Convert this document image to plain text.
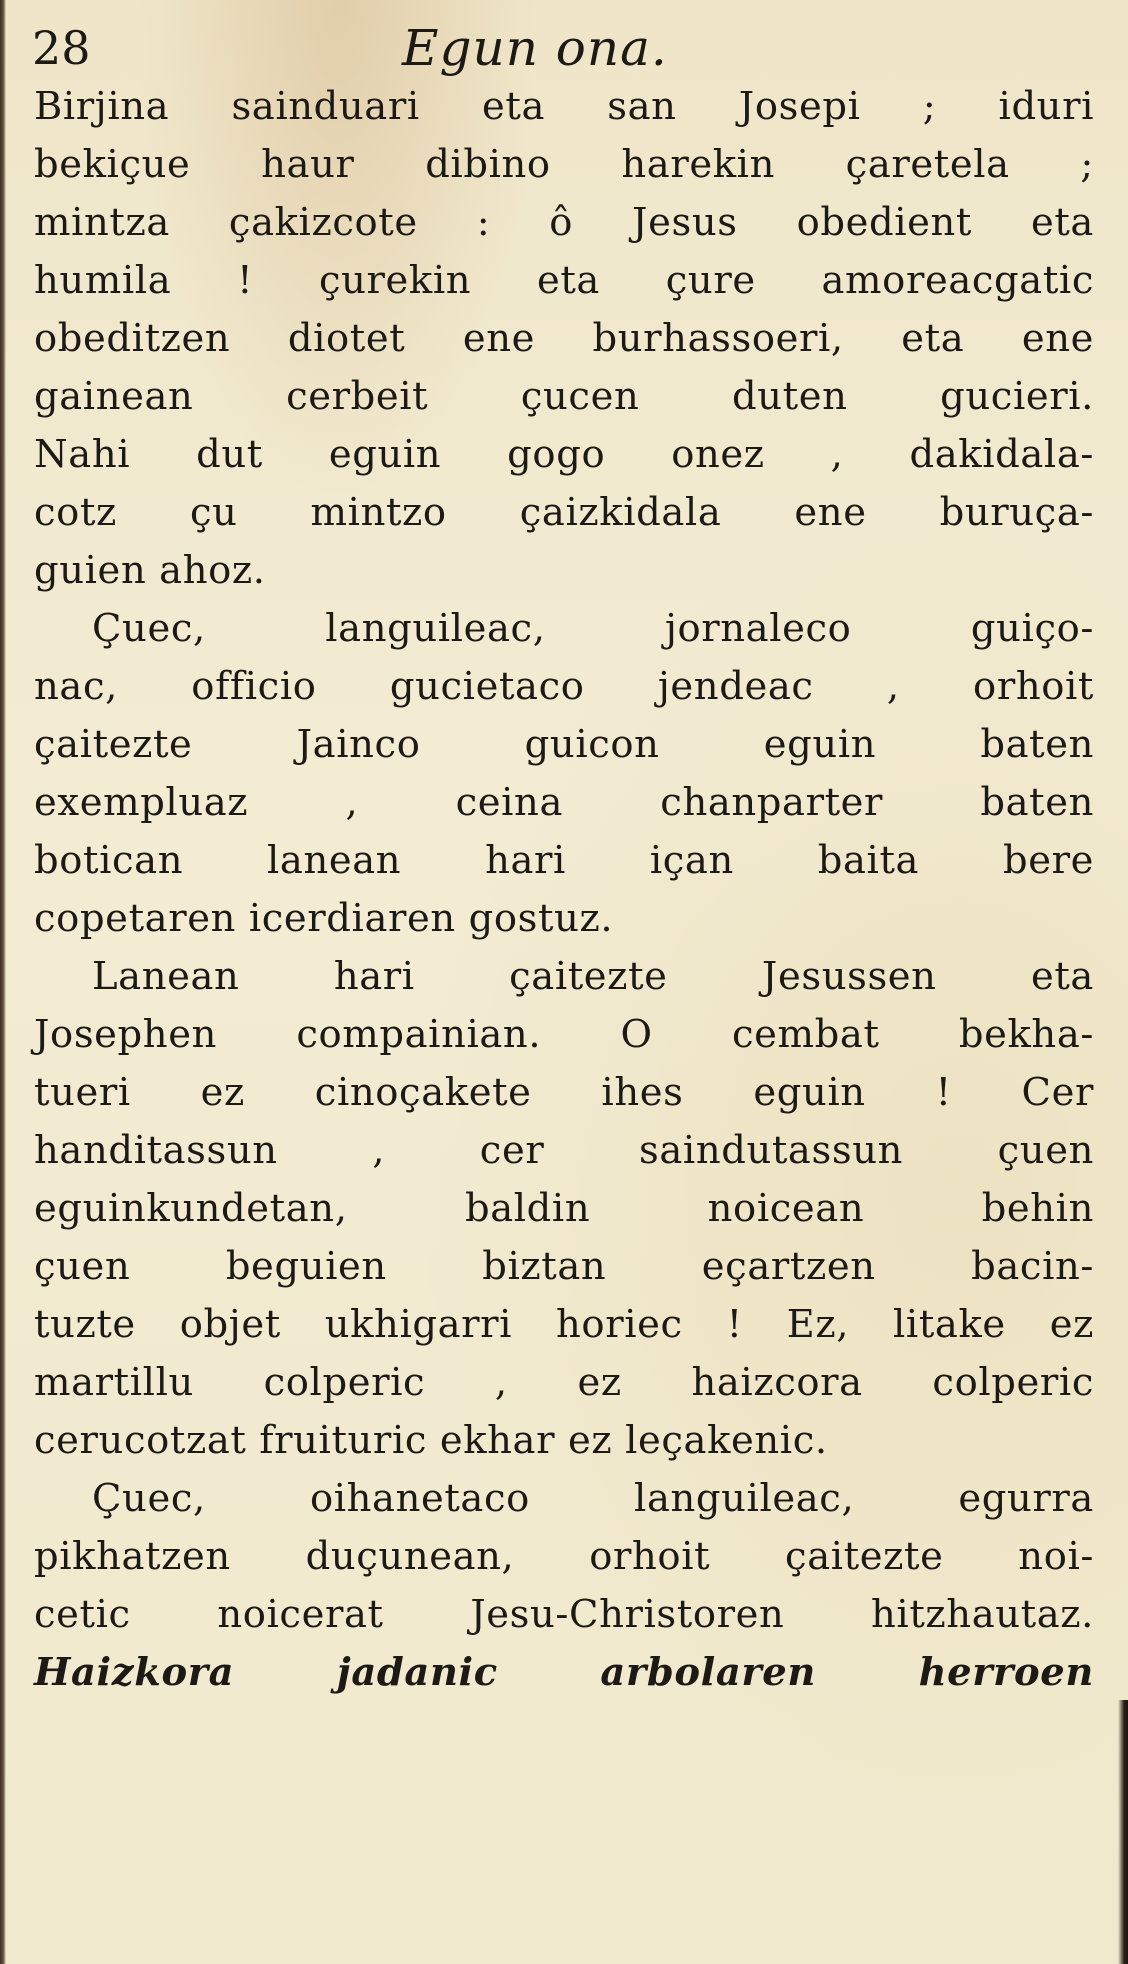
28	Egun ona.
Birjina sainduari eta san Josepi ; iduri
bekiçue haur dibino harekin çaretela ;
mintza çakizcote : ô Jesus obedient eta
humila ! çurekin eta çure amoreacgatic
obeditzen diotet ene burhassoeri, eta ene
gainean cerbeit çucen duten gucieri.
Nahi dut eguin gogo onez , dakidala-
cotz çu mintzo çaizkidala ene buruça-
guien ahoz.
Çuec, languileac, jornaleco guiço-
nac, officio gucietaco jendeac , orhoit
çaitezte Jainco guicon eguin baten
exempluaz , ceina chanparter baten
botican lanean hari içan baita bere
copetaren icerdiaren gostuz.
Lanean hari çaitezte Jesussen eta
Josephen compainian. O cembat bekha-
tueri ez cinoçakete ihes eguin ! Cer
handitassun , cer saindutassun çuen
eguinkundetan, baldin noicean behin
çuen beguien biztan eçartzen bacin-
tuzte objet ukhigarri horiec ! Ez, litake ez
martillu colperic , ez haizcora colperic
cerucotzat fruituric ekhar ez leçakenic.
Çuec, oihanetaco languileac, egurra
pikhatzen duçunean, orhoit çaitezte noi-
cetic noicerat Jesu-Christoren hitzhautaz.
Haizkora jadanic arbolaren herroen
